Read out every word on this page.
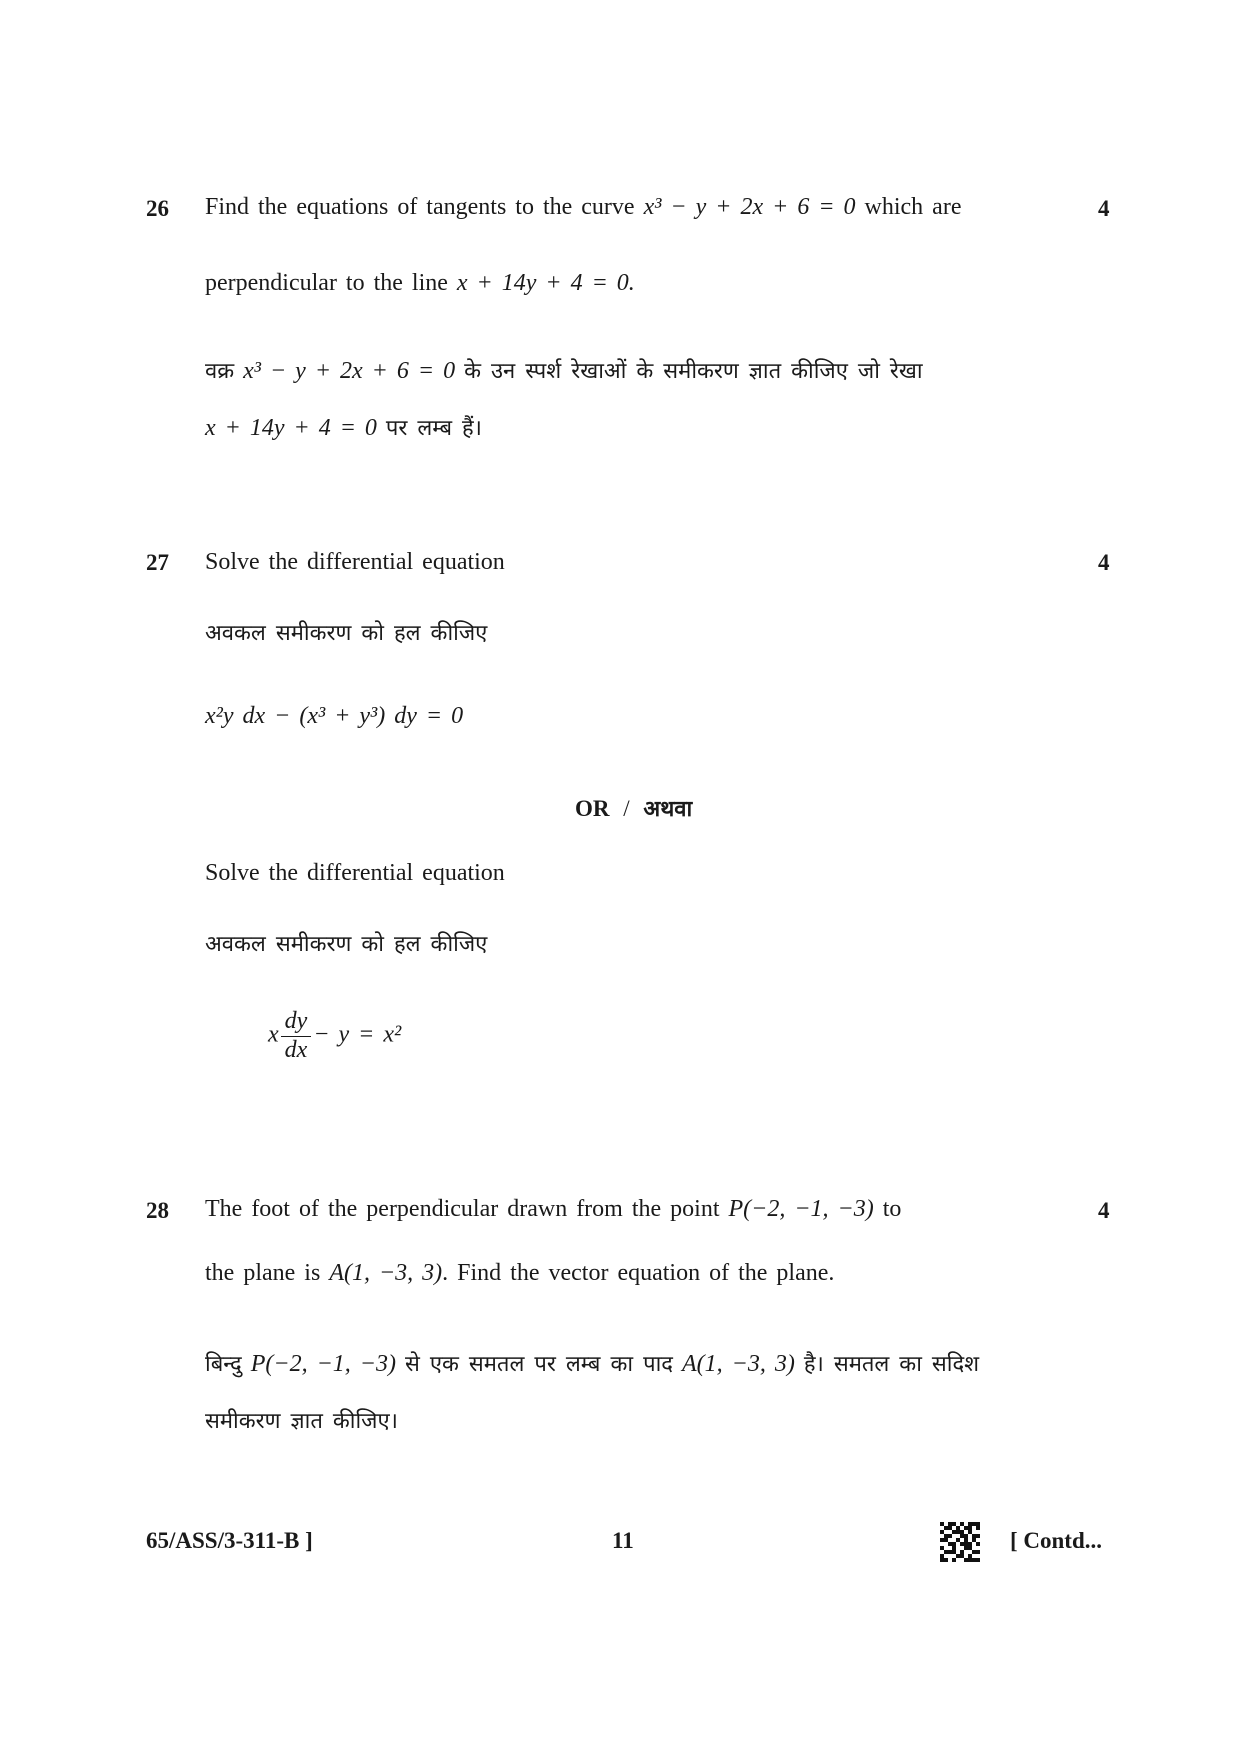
26	4
Find the equations of tangents to the curve x³ − y + 2x + 6 = 0 which are
perpendicular to the line x + 14y + 4 = 0.
वक्र x³ − y + 2x + 6 = 0 के उन स्पर्श रेखाओं के समीकरण ज्ञात कीजिए जो रेखा
x + 14y + 4 = 0 पर लम्ब हैं।
27	4
Solve the differential equation
अवकल समीकरण को हल कीजिए
x²y dx − (x³ + y³) dy = 0
OR / अथवा
Solve the differential equation
अवकल समीकरण को हल कीजिए
x $\frac{dy}{dx} - y = x^2$
28	4
The foot of the perpendicular drawn from the point P(−2, −1, −3) to
the plane is A(1, −3, 3). Find the vector equation of the plane.
बिन्दु P(−2, −1, −3) से एक समतल पर लम्ब का पाद A(1, −3, 3) है। समतल का सदिश
समीकरण ज्ञात कीजिए।
65/ASS/3-311-B ]	11	[ Contd...
